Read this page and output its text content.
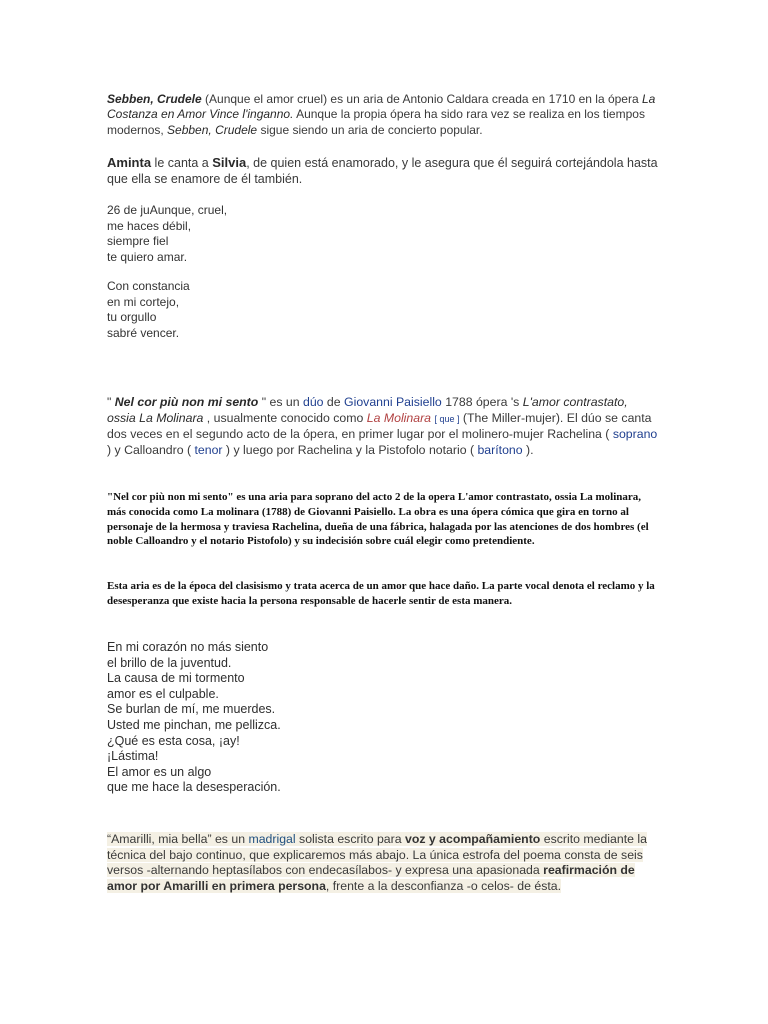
Sebben, Crudele (Aunque el amor cruel) es un aria de Antonio Caldara creada en 1710 en la ópera La Costanza en Amor Vince l'inganno. Aunque la propia ópera ha sido rara vez se realiza en los tiempos modernos, Sebben, Crudele sigue siendo un aria de concierto popular.
Aminta le canta a Silvia, de quien está enamorado, y le asegura que él seguirá cortejándola hasta que ella se enamore de él también.
26 de juAunque, cruel,
me haces débil,
siempre fiel
te quiero amar.
Con constancia
en mi cortejo,
tu orgullo
sabré vencer.
" Nel cor più non mi sento " es un dúo de Giovanni Paisiello 1788 ópera 's L'amor contrastato, ossia La Molinara , usualmente conocido como La Molinara [ que ] (The Miller-mujer). El dúo se canta dos veces en el segundo acto de la ópera, en primer lugar por el molinero-mujer Rachelina ( soprano ) y Calloandro ( tenor ) y luego por Rachelina y la Pistofolo notario ( barítono ).
"Nel cor più non mi sento" es una aria para soprano del acto 2 de la opera L'amor contrastato, ossia La molinara, más conocida como La molinara (1788) de Giovanni Paisiello. La obra es una ópera cómica que gira en torno al personaje de la hermosa y traviesa Rachelina, dueña de una fábrica, halagada por las atenciones de dos hombres (el noble Calloandro y el notario Pistofolo) y su indecisión sobre cuál elegir como pretendiente.
Esta aria es de la época del clasisismo y trata acerca de un amor que hace daño. La parte vocal denota el reclamo y la desesperanza que existe hacia la persona responsable de hacerle sentir de esta manera.
En mi corazón no más siento
el brillo de la juventud.
La causa de mi tormento
amor es el culpable.
Se burlan de mí, me muerdes.
Usted me pinchan, me pellizca.
¿Qué es esta cosa, ¡ay!
¡Lástima!
El amor es un algo
que me hace la desesperación.
“Amarilli, mia bella” es un madrigal solista escrito para voz y acompañamiento escrito mediante la técnica del bajo continuo, que explicaremos más abajo. La única estrofa del poema consta de seis versos -alternando heptasílabos con endecasílabos- y expresa una apasionada reafirmación de amor por Amarilli en primera persona, frente a la desconfianza -o celos- de ésta.
